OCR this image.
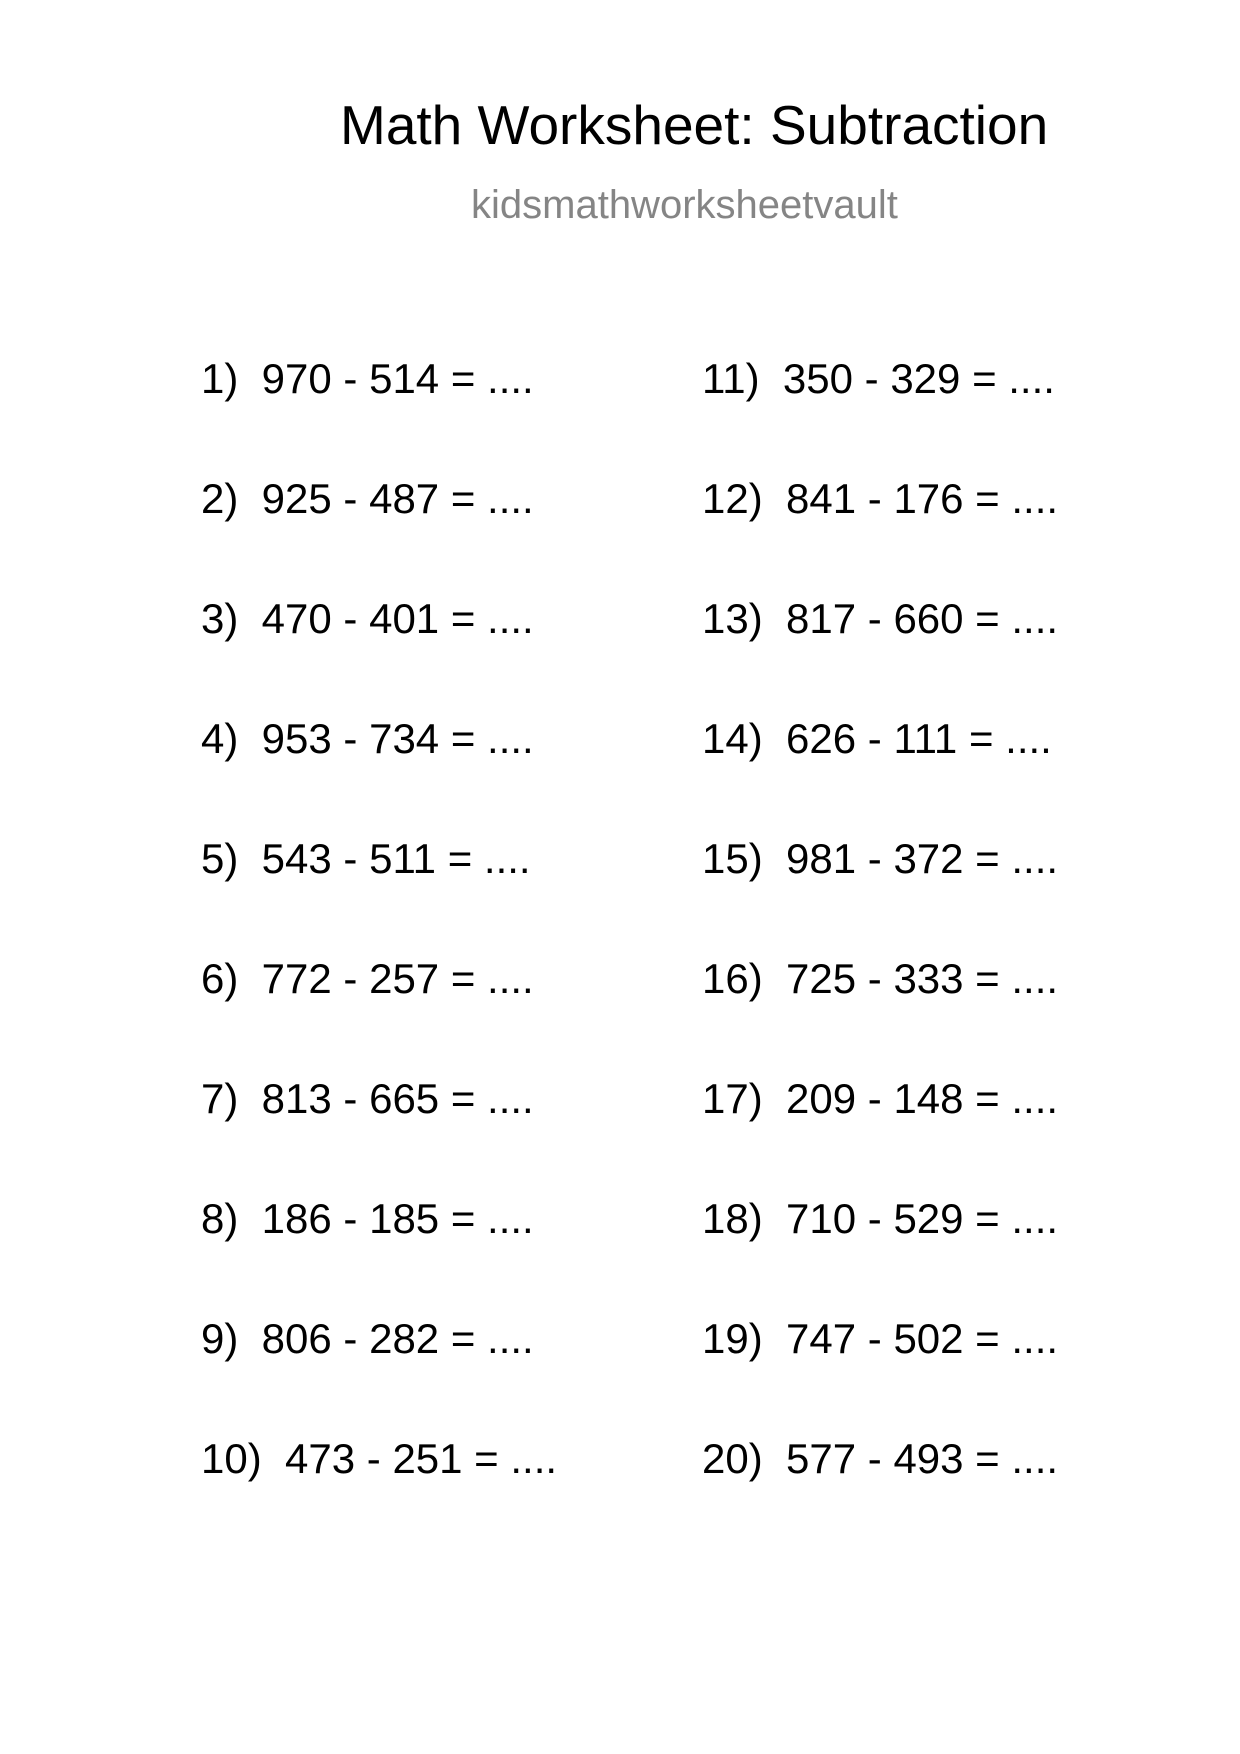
Math Worksheet: Subtraction
kidsmathworksheetvault
1)  970 - 514 = ....
2)  925 - 487 = ....
3)  470 - 401 = ....
4)  953 - 734 = ....
5)  543 - 511 = ....
6)  772 - 257 = ....
7)  813 - 665 = ....
8)  186 - 185 = ....
9)  806 - 282 = ....
10)  473 - 251 = ....
11)  350 - 329 = ....
12)  841 - 176 = ....
13)  817 - 660 = ....
14)  626 - 111 = ....
15)  981 - 372 = ....
16)  725 - 333 = ....
17)  209 - 148 = ....
18)  710 - 529 = ....
19)  747 - 502 = ....
20)  577 - 493 = ....
